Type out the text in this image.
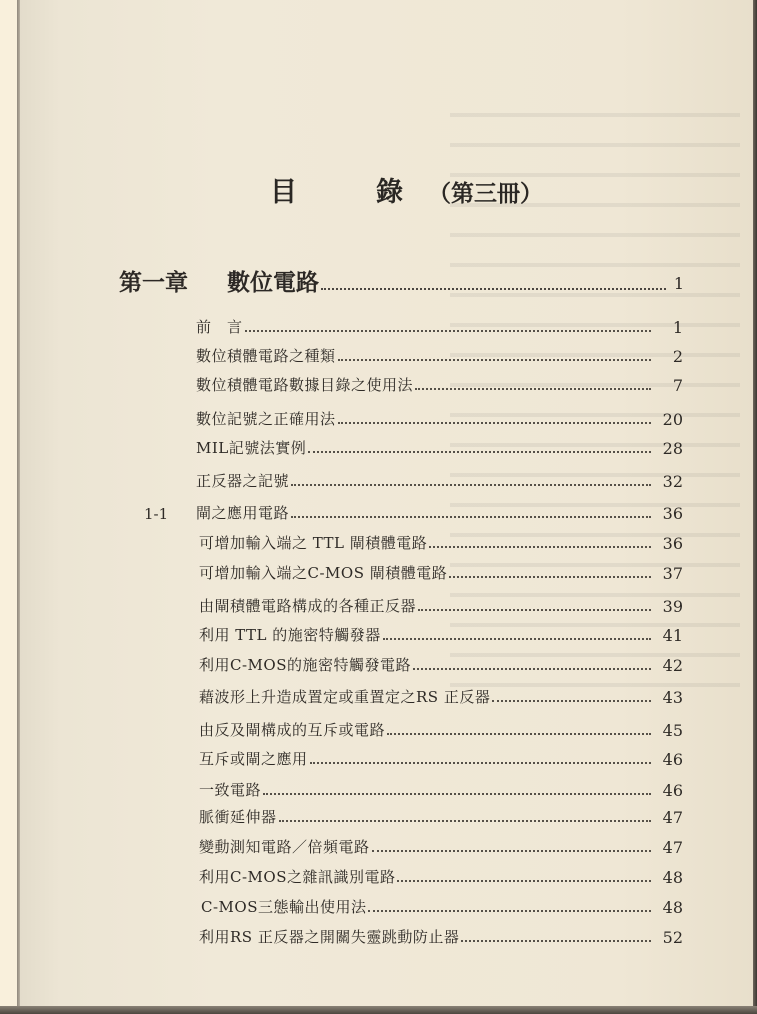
目	錄 （第三冊）
第一章	數位電路	1
前　言	1
數位積體電路之種類	2
數位積體電路數據目錄之使用法	7
數位記號之正確用法	20
MIL記號法實例	28
正反器之記號	32
1-1 閘之應用電路	36
可增加輸入端之 TTL 閘積體電路	36
可增加輸入端之C-MOS 閘積體電路	37
由閘積體電路構成的各種正反器	39
利用 TTL 的施密特觸發器	41
利用C-MOS的施密特觸發電路	42
藉波形上升造成置定或重置定之RS 正反器	43
由反及閘構成的互斥或電路	45
互斥或閘之應用	46
一致電路	46
脈衝延伸器	47
變動測知電路／倍頻電路	47
利用C-MOS之雜訊識別電路	48
C-MOS三態輸出使用法	48
利用RS 正反器之開關失靈跳動防止器	52
